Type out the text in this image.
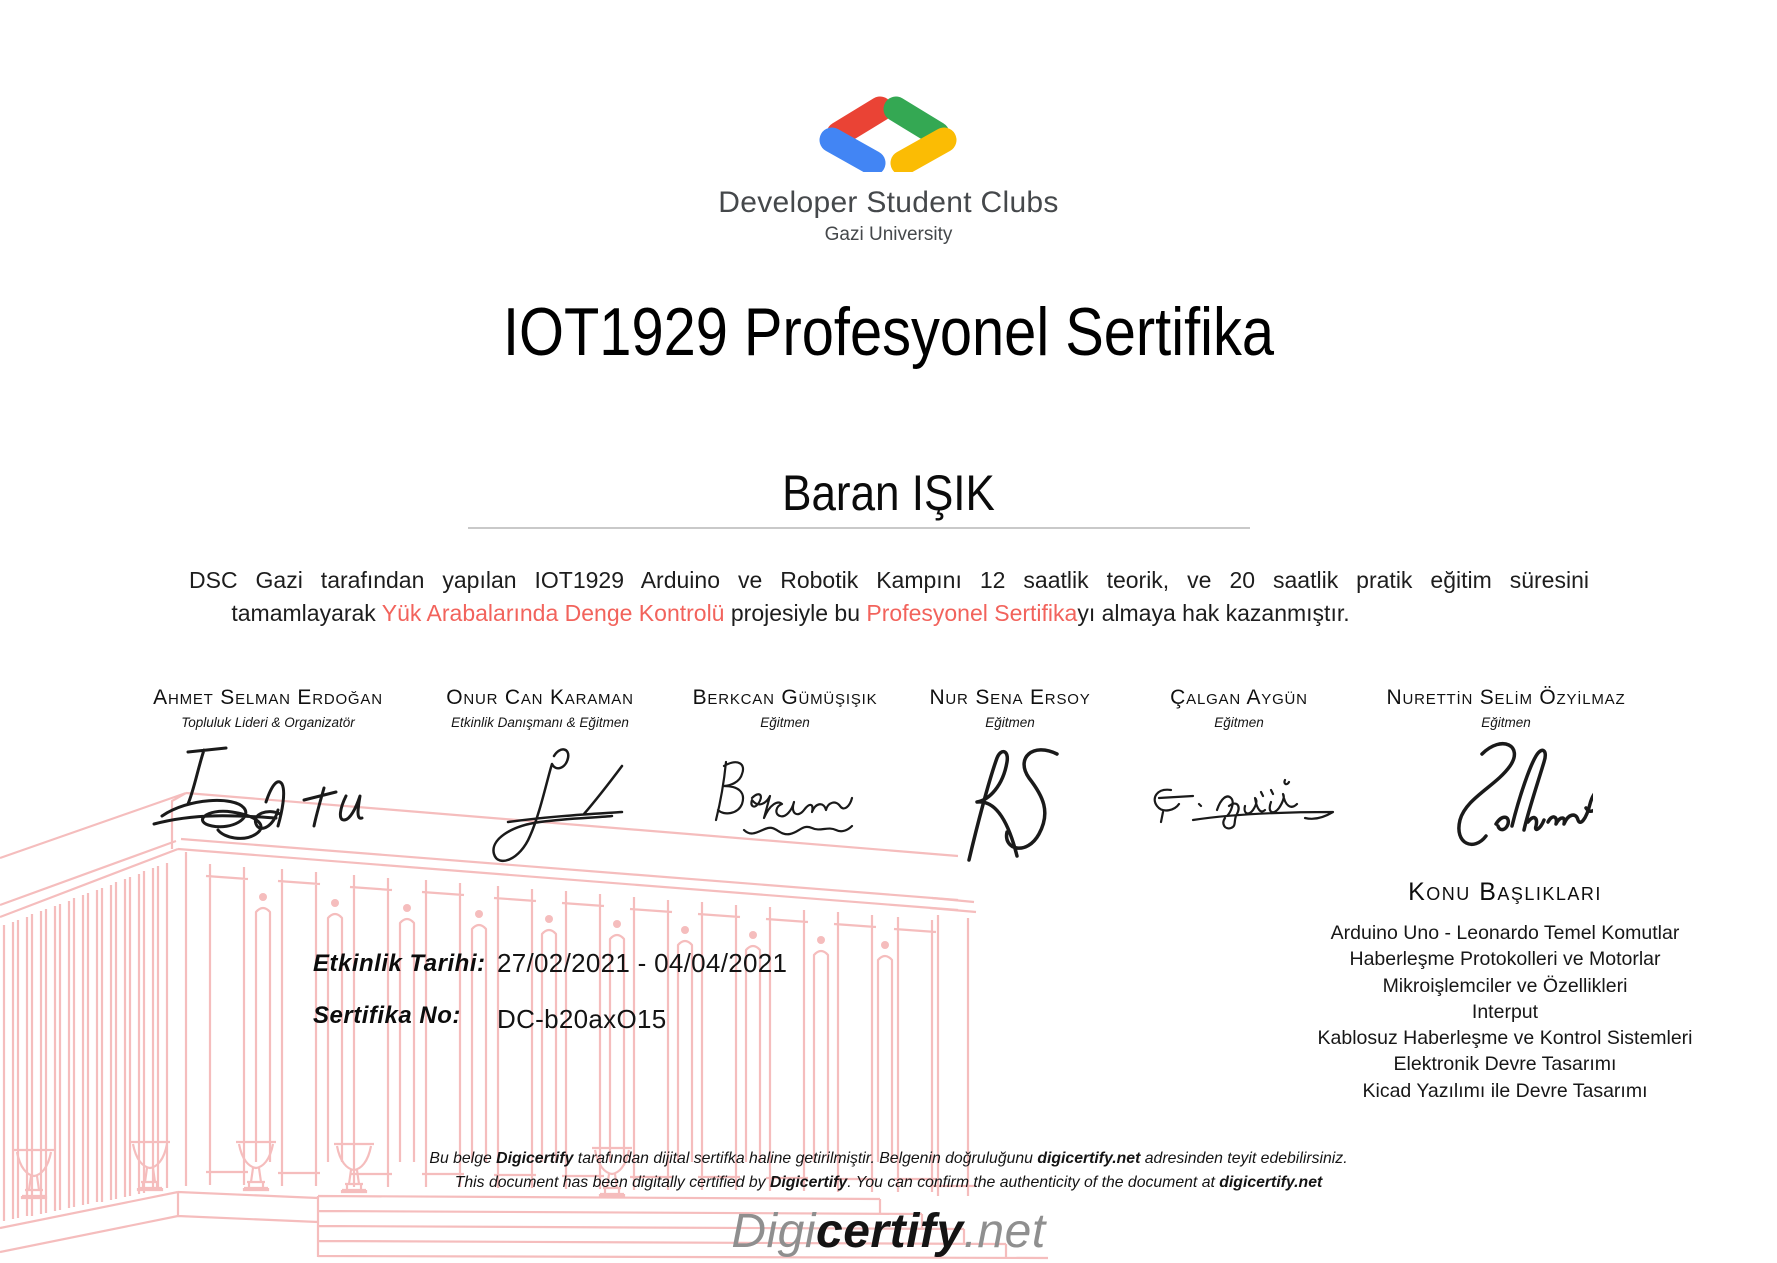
Developer Student Clubs
Gazi University
IOT1929 Profesyonel Sertifika
Baran IŞIK

DSC Gazi tarafından yapılan IOT1929 Arduino ve Robotik Kampını 12 saatlik teorik, ve 20 saatlik pratik eğitim süresini

tamamlayarak Yük Arabalarında Denge Kontrolü projesiyle bu Profesyonel Sertifikayı almaya hak kazanmıştır.

Ahmet Selman Erdoğan
Topluluk Lideri & Organizatör
Onur Can Karaman
Etkinlik Danışmanı & Eğitmen
Berkcan Gümüşışık
Eğitmen
Nur Sena Ersoy
Eğitmen
Çalgan Aygün
Eğitmen
Nurettin Selim Özyilmaz
Eğitmen
Etkinlik Tarihi: 27/02/2021 - 04/04/2021
Sertifika No: DC-b20axO15
Konu Başlıkları
Arduino Uno - Leonardo Temel Komutlar
Haberleşme Protokolleri ve Motorlar
Mikroişlemciler ve Özellikleri
Interput
Kablosuz Haberleşme ve Kontrol Sistemleri
Elektronik Devre Tasarımı
Kicad Yazılımı ile Devre Tasarımı
Bu belge Digicertify tarafından dijital sertifka haline getirilmiştir. Belgenin doğruluğunu digicertify.net adresinden teyit edebilirsiniz.
This document has been digitally certified by Digicertify. You can confirm the authenticity of the document at digicertify.net
Digicertify.net
